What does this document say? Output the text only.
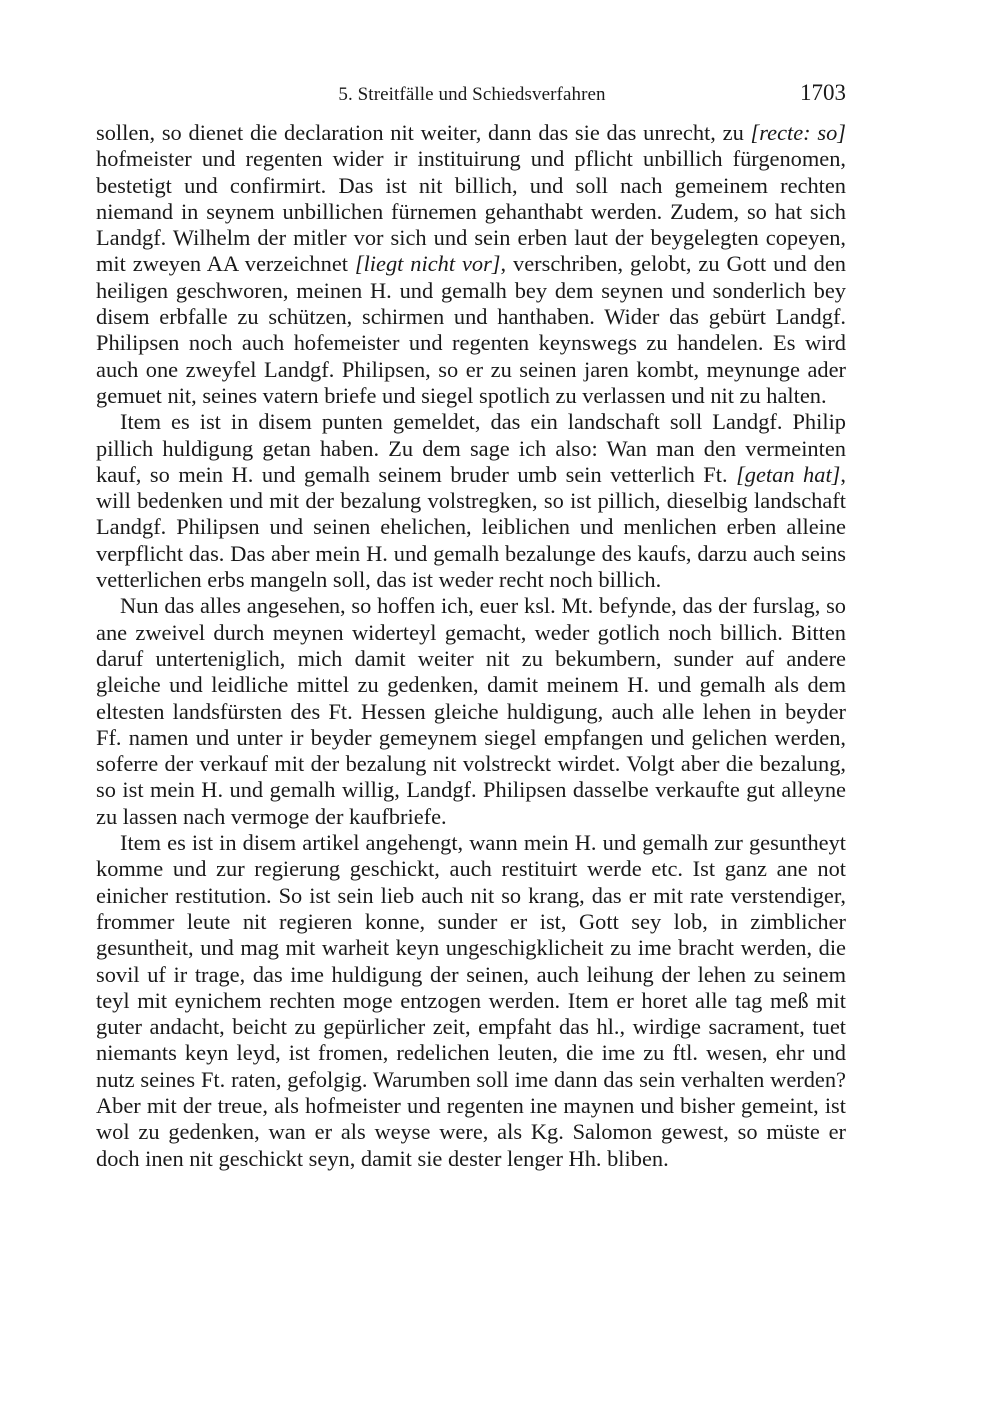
5. Streitfälle und Schiedsverfahren	1703

sollen, so dienet die declaration nit weiter, dann das sie das unrecht, zu [recte: so] hofmeister und regenten wider ir instituirung und pflicht unbillich fürgenomen, bestetigt und confirmirt. Das ist nit billich, und soll nach gemeinem rechten niemand in seynem unbillichen fürnemen gehanthabt werden. Zudem, so hat sich Landgf. Wilhelm der mitler vor sich und sein erben laut der beygelegten copeyen, mit zweyen AA verzeichnet [liegt nicht vor], verschriben, gelobt, zu Gott und den heiligen geschworen, meinen H. und gemalh bey dem seynen und sonderlich bey disem erbfalle zu schützen, schirmen und hanthaben. Wider das gebürt Landgf. Philipsen noch auch hofemeister und regenten keynswegs zu handelen. Es wird auch one zweyfel Landgf. Philipsen, so er zu seinen jaren kombt, meynunge ader gemuet nit, seines vatern briefe und siegel spotlich zu verlassen und nit zu halten.

Item es ist in disem punten gemeldet, das ein landschaft soll Landgf. Philip pillich huldigung getan haben. Zu dem sage ich also: Wan man den vermeinten kauf, so mein H. und gemalh seinem bruder umb sein vetterlich Ft. [getan hat], will bedenken und mit der bezalung volstregken, so ist pillich, dieselbig landschaft Landgf. Philipsen und seinen ehelichen, leiblichen und menlichen erben alleine verpflicht das. Das aber mein H. und gemalh bezalunge des kaufs, darzu auch seins vetterlichen erbs mangeln soll, das ist weder recht noch billich.

Nun das alles angesehen, so hoffen ich, euer ksl. Mt. befynde, das der furslag, so ane zweivel durch meynen widerteyl gemacht, weder gotlich noch billich. Bitten daruf unterteniglich, mich damit weiter nit zu bekumbern, sunder auf andere gleiche und leidliche mittel zu gedenken, damit meinem H. und gemalh als dem eltesten landsfürsten des Ft. Hessen gleiche huldigung, auch alle lehen in beyder Ff. namen und unter ir beyder gemeynem siegel empfangen und gelichen werden, soferre der verkauf mit der bezalung nit volstreckt wirdet. Volgt aber die bezalung, so ist mein H. und gemalh willig, Landgf. Philipsen dasselbe verkaufte gut alleyne zu lassen nach vermoge der kaufbriefe.

Item es ist in disem artikel angehengt, wann mein H. und gemalh zur gesuntheyt komme und zur regierung geschickt, auch restituirt werde etc. Ist ganz ane not einicher restitution. So ist sein lieb auch nit so krang, das er mit rate verstendiger, frommer leute nit regieren konne, sunder er ist, Gott sey lob, in zimblicher gesuntheit, und mag mit warheit keyn ungeschigklicheit zu ime bracht werden, die sovil uf ir trage, das ime huldigung der seinen, auch leihung der lehen zu seinem teyl mit eynichem rechten moge entzogen werden. Item er horet alle tag meß mit guter andacht, beicht zu gepürlicher zeit, empfaht das hl., wirdige sacrament, tuet niemants keyn leyd, ist fromen, redelichen leuten, die ime zu ftl. wesen, ehr und nutz seines Ft. raten, gefolgig. Warumben soll ime dann das sein verhalten werden? Aber mit der treue, als hofmeister und regenten ine maynen und bisher gemeint, ist wol zu gedenken, wan er als weyse were, als Kg. Salomon gewest, so müste er doch inen nit geschickt seyn, damit sie dester lenger Hh. bliben.
